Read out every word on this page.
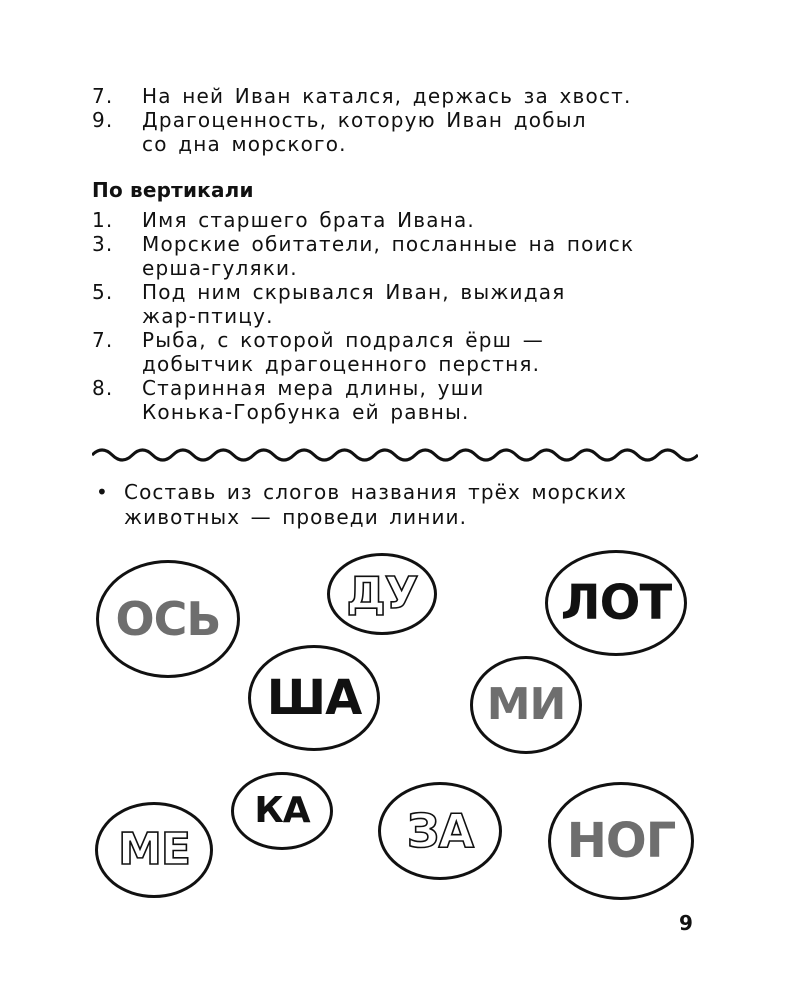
7. На ней Иван катался, держась за хвост.
9. Драгоценность, которую Иван добыл
со дна морского.
По вертикали
1. Имя старшего брата Ивана.
3. Морские обитатели, посланные на поиск
ерша-гуляки.
5. Под ним скрывался Иван, выжидая
жар-птицу.
7. Рыба, с которой подрался ёрш —
добытчик драгоценного перстня.
8. Старинная мера длины, уши
Конька-Горбунка ей равны.
• Составь из слогов названия трёх морских
животных — проведи линии.
ОСЬ	ДУ	ЛОТ
ША	МИ
КА
МЕ	ЗА НОГ
9
